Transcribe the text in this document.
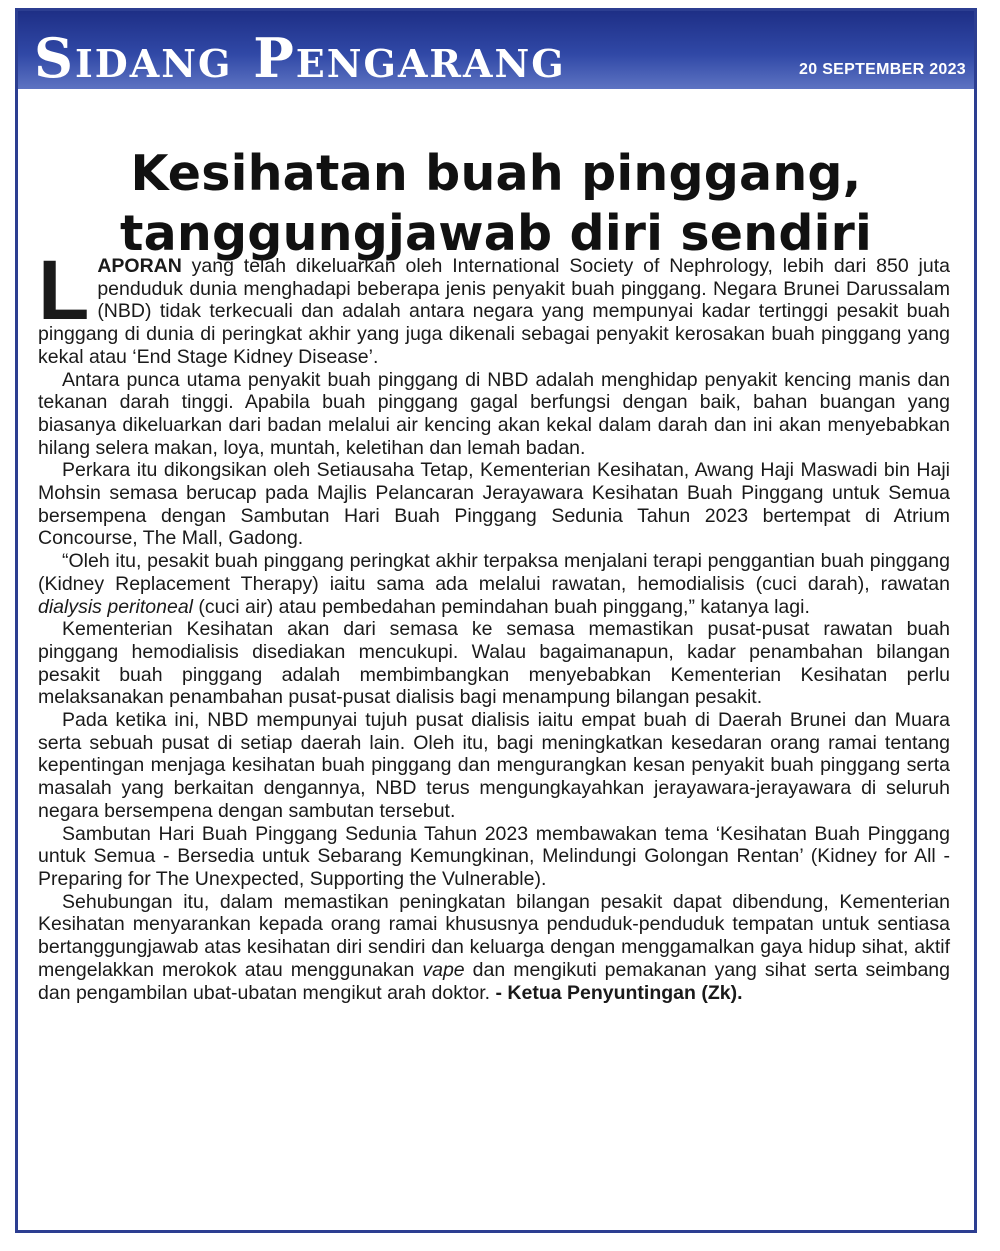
Sidang Pengarang	20 SEPTEMBER 2023
Kesihatan buah pinggang,
tanggungjawab diri sendiri

LAPORAN yang telah dikeluarkan oleh International Society of Nephrology, lebih dari 850 juta penduduk dunia menghadapi beberapa jenis penyakit buah pinggang. Negara Brunei Darussalam (NBD) tidak terkecuali dan adalah antara negara yang mempunyai kadar tertinggi pesakit buah pinggang di dunia di peringkat akhir yang juga dikenali sebagai penyakit kerosakan buah pinggang yang kekal atau ‘End Stage Kidney Disease’.

Antara punca utama penyakit buah pinggang di NBD adalah menghidap penyakit kencing manis dan tekanan darah tinggi. Apabila buah pinggang gagal berfungsi dengan baik, bahan buangan yang biasanya dikeluarkan dari badan melalui air kencing akan kekal dalam darah dan ini akan menyebabkan hilang selera makan, loya, muntah, keletihan dan lemah badan.

Perkara itu dikongsikan oleh Setiausaha Tetap, Kementerian Kesihatan, Awang Haji Maswadi bin Haji Mohsin semasa berucap pada Majlis Pelancaran Jerayawara Kesihatan Buah Pinggang untuk Semua bersempena dengan Sambutan Hari Buah Pinggang Sedunia Tahun 2023 bertempat di Atrium Concourse, The Mall, Gadong.

“Oleh itu, pesakit buah pinggang peringkat akhir terpaksa menjalani terapi penggantian buah pinggang (Kidney Replacement Therapy) iaitu sama ada melalui rawatan, hemodialisis (cuci darah), rawatan dialysis peritoneal (cuci air) atau pembedahan pemindahan buah pinggang,” katanya lagi.

Kementerian Kesihatan akan dari semasa ke semasa memastikan pusat-pusat rawatan buah pinggang hemodialisis disediakan mencukupi. Walau bagaimanapun, kadar penambahan bilangan pesakit buah pinggang adalah membimbangkan menyebabkan Kementerian Kesihatan perlu melaksanakan penambahan pusat-pusat dialisis bagi menampung bilangan pesakit.

Pada ketika ini, NBD mempunyai tujuh pusat dialisis iaitu empat buah di Daerah Brunei dan Muara serta sebuah pusat di setiap daerah lain. Oleh itu, bagi meningkatkan kesedaran orang ramai tentang kepentingan menjaga kesihatan buah pinggang dan mengurangkan kesan penyakit buah pinggang serta masalah yang berkaitan dengannya, NBD terus mengungkayahkan jerayawara-jerayawara di seluruh negara bersempena dengan sambutan tersebut.

Sambutan Hari Buah Pinggang Sedunia Tahun 2023 membawakan tema ‘Kesihatan Buah Pinggang untuk Semua - Bersedia untuk Sebarang Kemungkinan, Melindungi Golongan Rentan’ (Kidney for All - Preparing for The Unexpected, Supporting the Vulnerable).

Sehubungan itu, dalam memastikan peningkatan bilangan pesakit dapat dibendung, Kementerian Kesihatan menyarankan kepada orang ramai khususnya penduduk-penduduk tempatan untuk sentiasa bertanggungjawab atas kesihatan diri sendiri dan keluarga dengan menggamalkan gaya hidup sihat, aktif mengelakkan merokok atau menggunakan vape dan mengikuti pemakanan yang sihat serta seimbang dan pengambilan ubat-ubatan mengikut arah doktor. - Ketua Penyuntingan (Zk).
